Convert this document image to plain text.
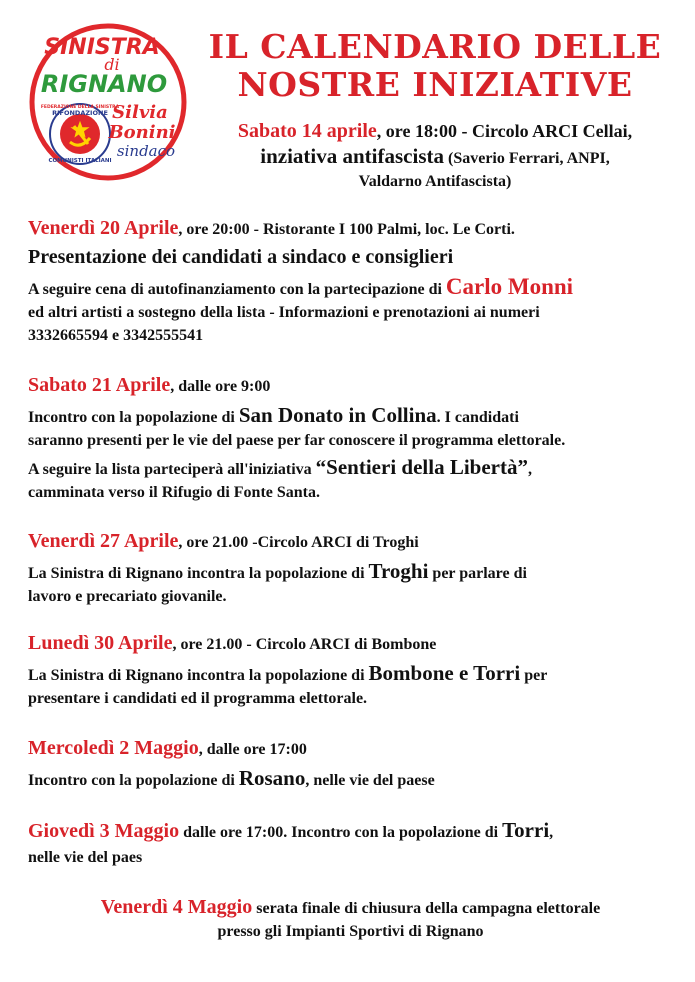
SINISTRA
di
RIGNANO
RIFONDAZIONE
COMUNISTI ITALIANI
FEDERAZIONE DELLA SINISTRA
Silvia
Bonini
sindaco
IL CALENDARIO DELLE
NOSTRE INIZIATIVE
Sabato 14 aprile, ore 18:00 - Circolo ARCI Cellai,
inziativa antifascista (Saverio Ferrari, ANPI,
Valdarno Antifascista)
Venerdì 20 Aprile, ore 20:00 - Ristorante I 100 Palmi, loc. Le Corti.
Presentazione dei candidati a sindaco e consiglieri
A seguire cena di autofinanziamento con la partecipazione di Carlo Monni
ed altri artisti a sostegno della lista - Informazioni e prenotazioni ai numeri
3332665594 e 3342555541
Sabato 21 Aprile, dalle ore 9:00
Incontro con la popolazione di San Donato in Collina. I candidati
saranno presenti per le vie del paese per far conoscere il programma elettorale.
A seguire la lista parteciperà all'iniziativa “Sentieri della Libertà”,
camminata verso il Rifugio di Fonte Santa.
Venerdì 27 Aprile, ore 21.00 -Circolo ARCI di Troghi
La Sinistra di Rignano incontra la popolazione di Troghi per parlare di
lavoro e precariato giovanile.
Lunedì 30 Aprile, ore 21.00 - Circolo ARCI di Bombone
La Sinistra di Rignano incontra la popolazione di Bombone e Torri per
presentare i candidati ed il programma elettorale.
Mercoledì 2 Maggio, dalle ore 17:00
Incontro con la popolazione di Rosano, nelle vie del paese
Giovedì 3 Maggio dalle ore 17:00. Incontro con la popolazione di Torri,
nelle vie del paes
Venerdì 4 Maggio serata finale di chiusura della campagna elettorale
presso gli Impianti Sportivi di Rignano
